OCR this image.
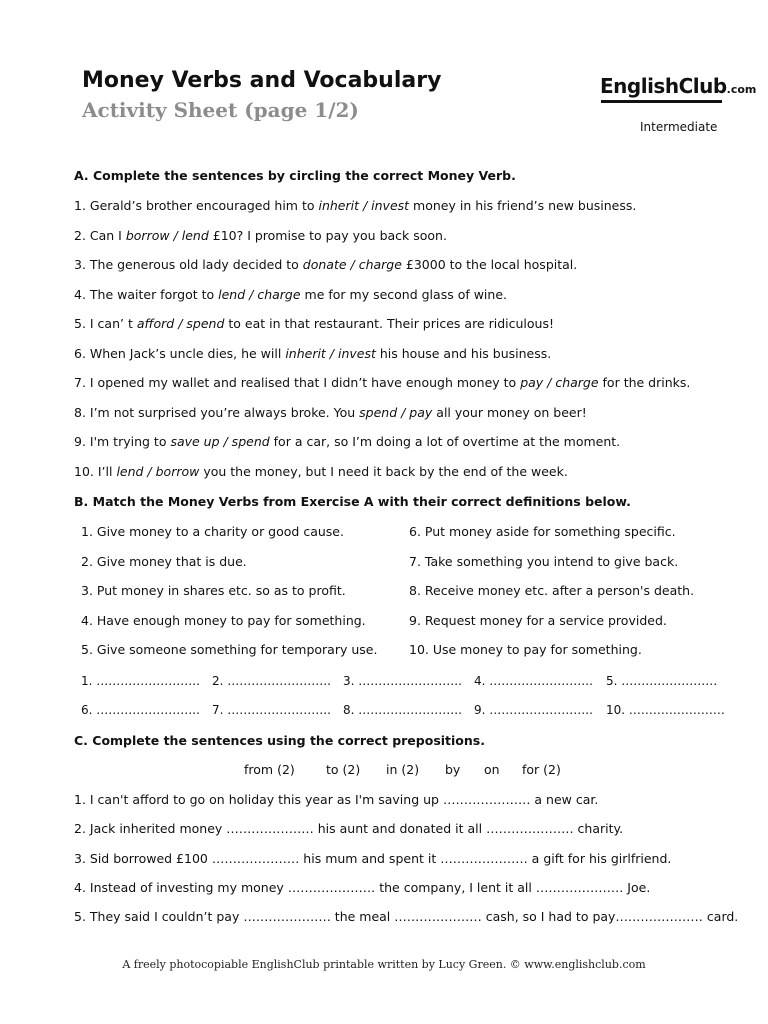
Money Verbs and Vocabulary
Activity Sheet (page 1/2)
EnglishClub.com
Intermediate
A. Complete the sentences by circling the correct Money Verb.
1. Gerald’s brother encouraged him to inherit / invest money in his friend’s new business.
2. Can I borrow / lend £10? I promise to pay you back soon.
3. The generous old lady decided to donate / charge £3000 to the local hospital.
4. The waiter forgot to lend / charge me for my second glass of wine.
5. I can’ t afford / spend to eat in that restaurant. Their prices are ridiculous!
6. When Jack’s uncle dies, he will inherit / invest his house and his business.
7. I opened my wallet and realised that I didn’t have enough money to pay / charge for the drinks.
8. I’m not surprised you’re always broke. You spend / pay all your money on beer!
9. I'm trying to save up / spend for a car, so I’m doing a lot of overtime at the moment.
10. I’ll lend / borrow you the money, but I need it back by the end of the week.
B. Match the Money Verbs from Exercise A with their correct definitions below.
1. Give money to a charity or good cause.
2. Give money that is due.
3. Put money in shares etc. so as to profit.
4. Have enough money to pay for something.
5. Give someone something for temporary use.
6. Put money aside for something specific.
7. Take something you intend to give back.
8. Receive money etc. after a person's death.
9. Request money for a service provided.
10. Use money to pay for something.
1. …………………….. 2. …………………….. 3. …………………….. 4. …………………….. 5. ……………………
6. …………………….. 7. …………………….. 8. …………………….. 9. …………………….. 10. ……………………
C. Complete the sentences using the correct prepositions.
from (2) to (2) in (2) by on for (2)
1. I can't afford to go on holiday this year as I'm saving up ………………… a new car.
2. Jack inherited money ………………… his aunt and donated it all ………………… charity.
3. Sid borrowed £100 ………………… his mum and spent it ………………… a gift for his girlfriend.
4. Instead of investing my money ………………… the company, I lent it all ………………… Joe.
5. They said I couldn’t pay ………………… the meal ………………… cash, so I had to pay………………… card.
A freely photocopiable EnglishClub printable written by Lucy Green. © www.englishclub.com
